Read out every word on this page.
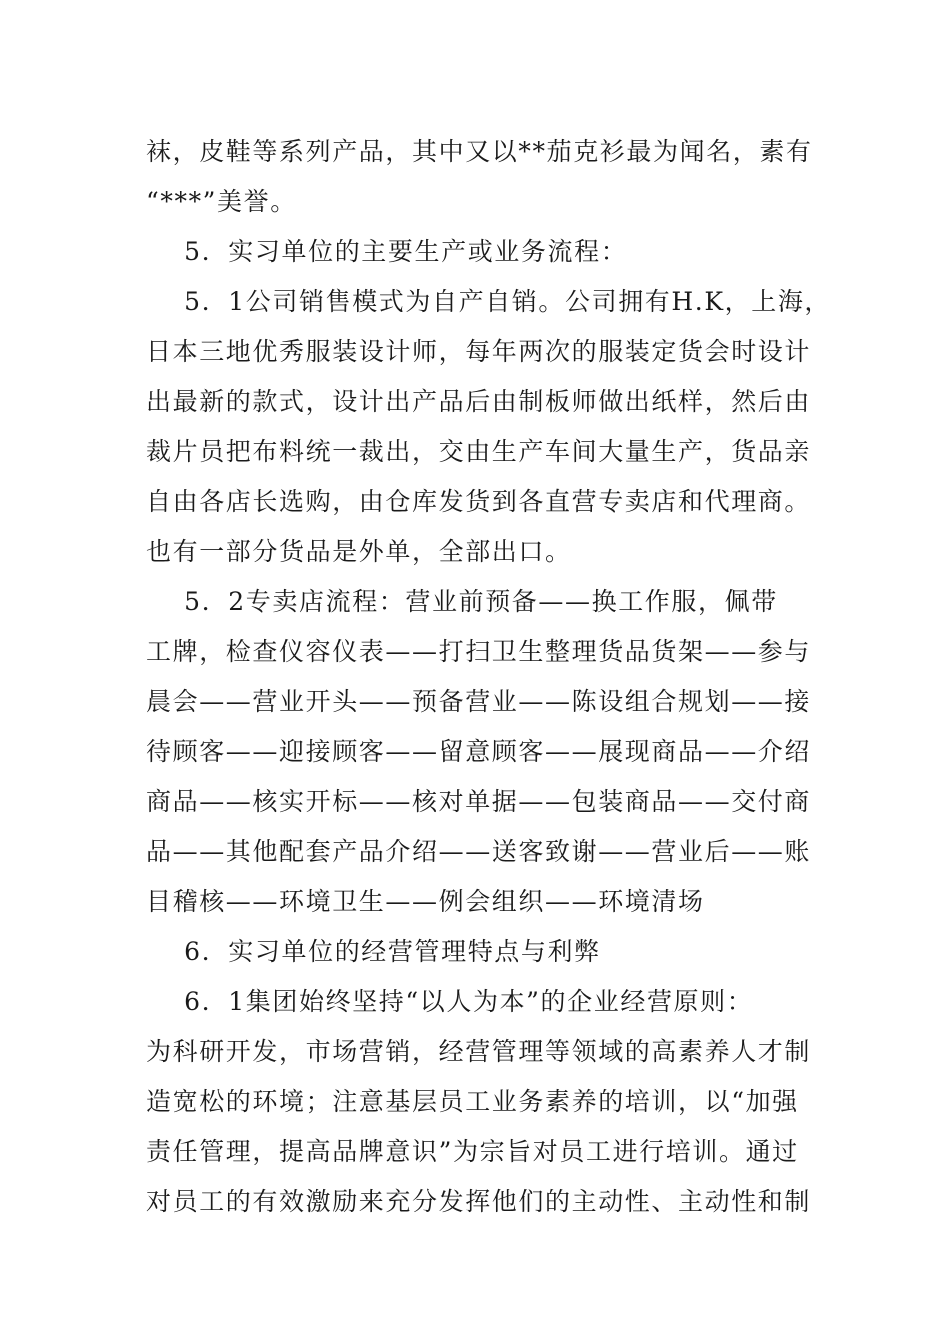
袜，皮鞋等系列产品，其中又以**茄克衫最为闻名，素有
“***”美誉。
5．实习单位的主要生产或业务流程：
5．1公司销售模式为自产自销。公司拥有H.K，上海，
日本三地优秀服装设计师，每年两次的服装定货会时设计
出最新的款式，设计出产品后由制板师做出纸样，然后由
裁片员把布料统一裁出，交由生产车间大量生产，货品亲
自由各店长选购，由仓库发货到各直营专卖店和代理商。
也有一部分货品是外单，全部出口。
5．2专卖店流程：营业前预备——换工作服，佩带
工牌，检查仪容仪表——打扫卫生整理货品货架——参与
晨会——营业开头——预备营业——陈设组合规划——接
待顾客——迎接顾客——留意顾客——展现商品——介绍
商品——核实开标——核对单据——包装商品——交付商
品——其他配套产品介绍——送客致谢——营业后——账
目稽核——环境卫生——例会组织——环境清场
6．实习单位的经营管理特点与利弊
6．1集团始终坚持“以人为本”的企业经营原则：
为科研开发，市场营销，经营管理等领域的高素养人才制
造宽松的环境；注意基层员工业务素养的培训，以“加强
责任管理，提高品牌意识”为宗旨对员工进行培训。通过
对员工的有效激励来充分发挥他们的主动性、主动性和制
